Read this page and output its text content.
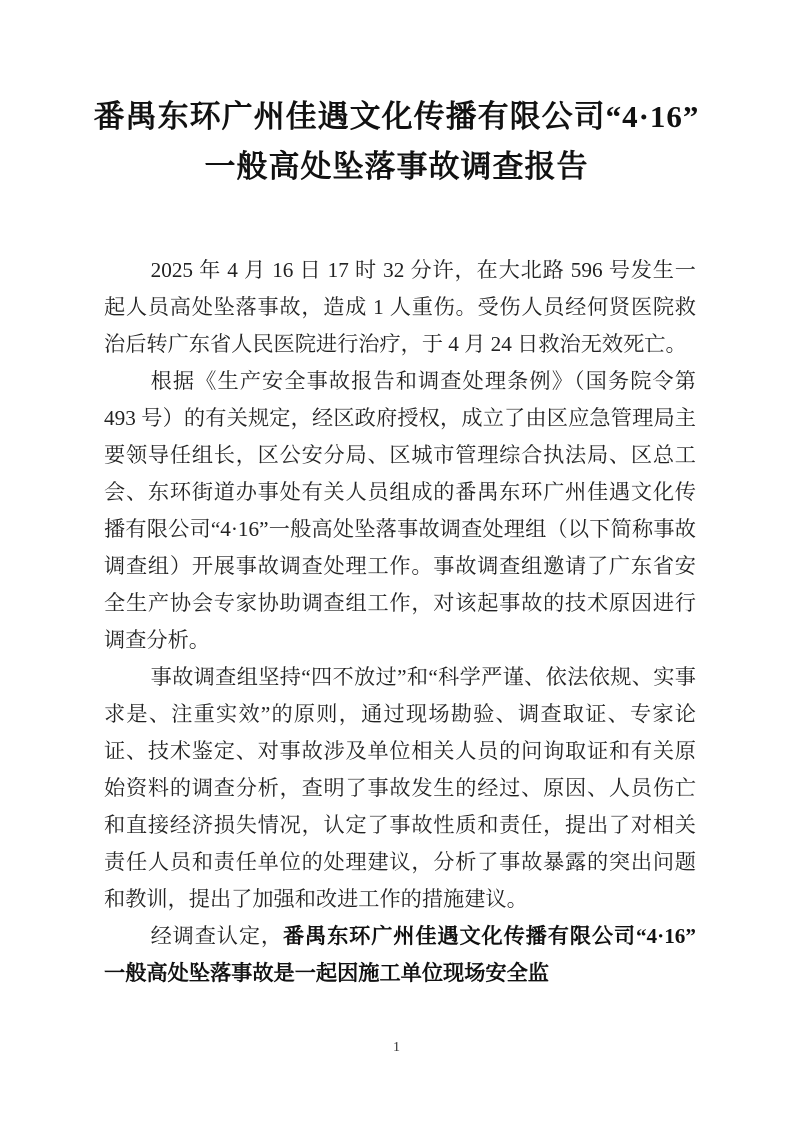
番禺东环广州佳遇文化传播有限公司“4·16”
一般高处坠落事故调查报告

2025 年 4 月 16 日 17 时 32 分许，在大北路 596 号发生一起人员高处坠落事故，造成 1 人重伤。受伤人员经何贤医院救治后转广东省人民医院进行治疗，于 4 月 24 日救治无效死亡。

根据《生产安全事故报告和调查处理条例》（国务院令第 493 号）的有关规定，经区政府授权，成立了由区应急管理局主要领导任组长，区公安分局、区城市管理综合执法局、区总工会、东环街道办事处有关人员组成的番禺东环广州佳遇文化传播有限公司“4·16”一般高处坠落事故调查处理组（以下简称事故调查组）开展事故调查处理工作。事故调查组邀请了广东省安全生产协会专家协助调查组工作，对该起事故的技术原因进行调查分析。

事故调查组坚持“四不放过”和“科学严谨、依法依规、实事求是、注重实效”的原则，通过现场勘验、调查取证、专家论证、技术鉴定、对事故涉及单位相关人员的问询取证和有关原始资料的调查分析，查明了事故发生的经过、原因、人员伤亡和直接经济损失情况，认定了事故性质和责任，提出了对相关责任人员和责任单位的处理建议，分析了事故暴露的突出问题和教训，提出了加强和改进工作的措施建议。

经调查认定，番禺东环广州佳遇文化传播有限公司“4·16” 一般高处坠落事故是一起因施工单位现场安全监

1
